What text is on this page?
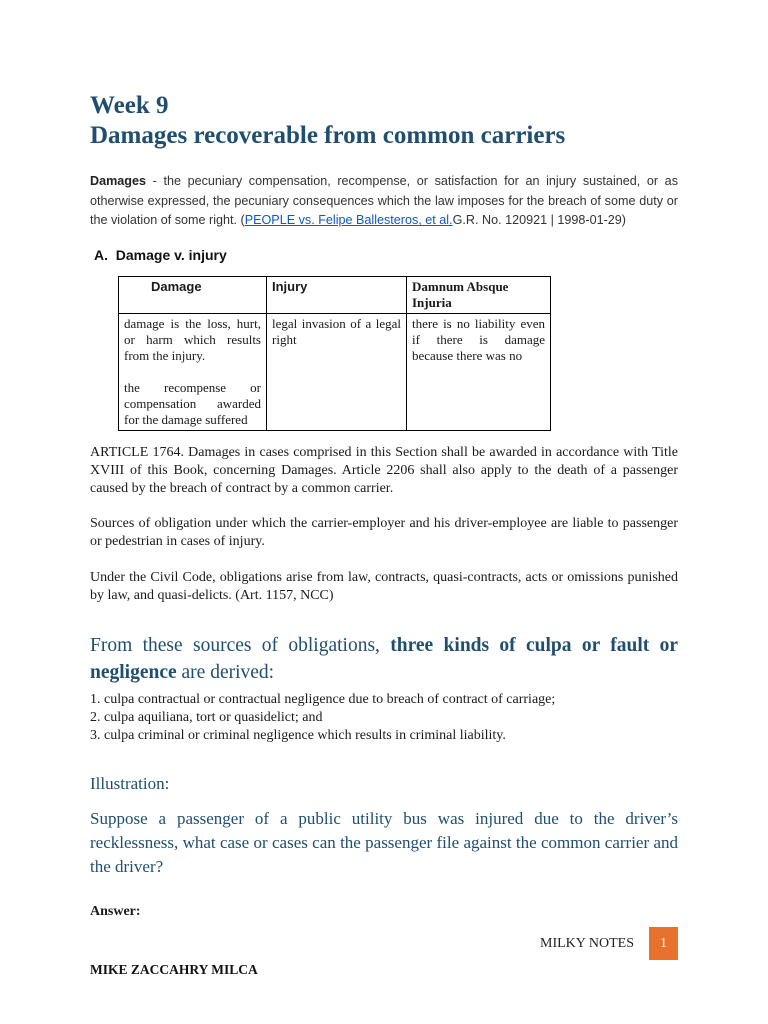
Week 9
Damages recoverable from common carriers
Damages - the pecuniary compensation, recompense, or satisfaction for an injury sustained, or as otherwise expressed, the pecuniary consequences which the law imposes for the breach of some duty or the violation of some right. (PEOPLE vs. Felipe Ballesteros, et al.G.R. No. 120921 | 1998-01-29)
A.  Damage v. injury
Damage	Injury	Damnum Absque Injuria

damage is the loss, hurt, or harm which results from the injury.
the recompense or compensation awarded for the damage suffered	legal invasion of a legal right	there is no liability even if there is damage because there was no

ARTICLE 1764. Damages in cases comprised in this Section shall be awarded in accordance with Title XVIII of this Book, concerning Damages. Article 2206 shall also apply to the death of a passenger caused by the breach of contract by a common carrier.

Sources of obligation under which the carrier-employer and his driver-employee are liable to passenger or pedestrian in cases of injury.

Under the Civil Code, obligations arise from law, contracts, quasi-contracts, acts or omissions punished by law, and quasi-delicts. (Art. 1157, NCC)

From these sources of obligations, three kinds of culpa or fault or negligence are derived:

1. culpa contractual or contractual negligence due to breach of contract of carriage;
2. culpa aquiliana, tort or quasidelict; and
3. culpa criminal or criminal negligence which results in criminal liability.

Illustration:

Suppose a passenger of a public utility bus was injured due to the driver’s recklessness, what case or cases can the passenger file against the common carrier and the driver?

Answer:

MILKY NOTES	1
MIKE ZACCAHRY MILCA
